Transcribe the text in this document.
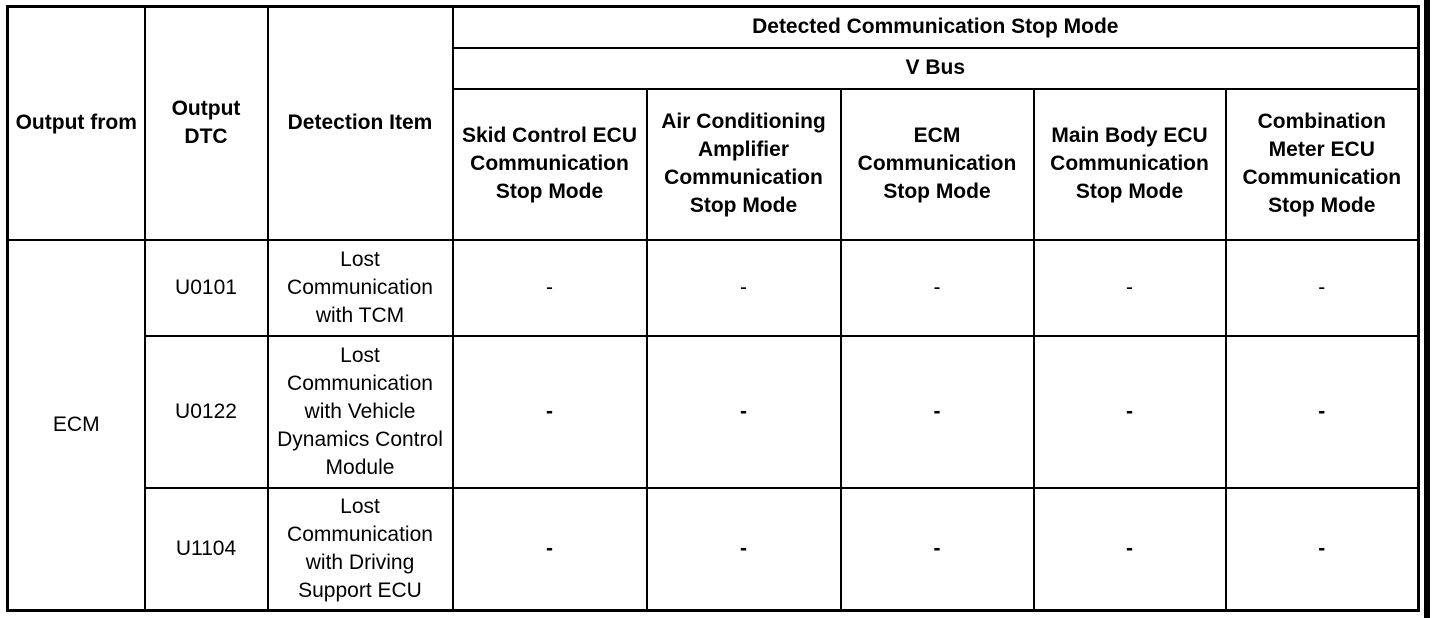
Output from	Output DTC	Detection Item	Detected Communication Stop Mode				
			V Bus				
			Skid Control ECU Communication Stop Mode	Air Conditioning Amplifier Communication Stop Mode	ECM Communication Stop Mode	Main Body ECU Communication Stop Mode	Combination Meter ECU Communication Stop Mode
ECM	U0101	Lost Communication with TCM	-	-	-	-	-
	U0122	Lost Communication with Vehicle Dynamics Control Module	-	-	-	-	-
	U1104	Lost Communication with Driving Support ECU	-	-	-	-	-
